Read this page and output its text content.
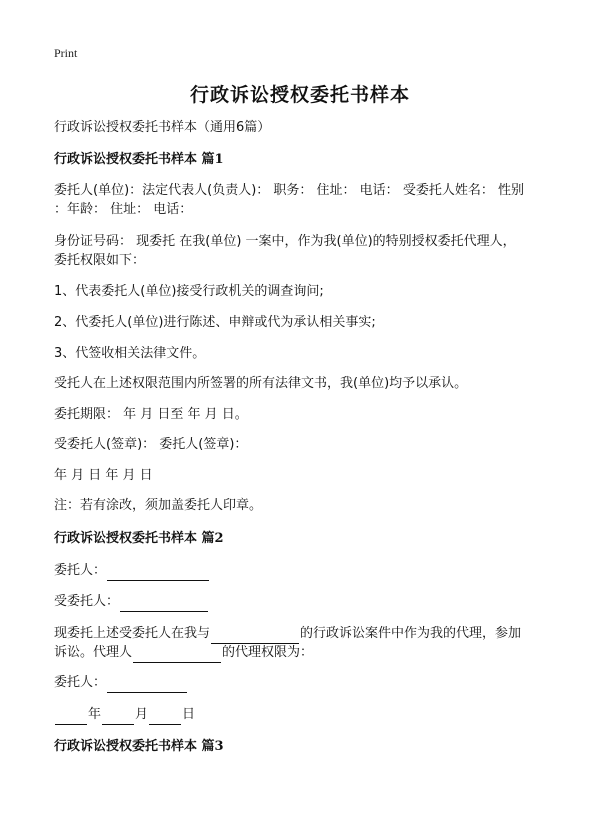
Print
行政诉讼授权委托书样本
行政诉讼授权委托书样本（通用6篇）
行政诉讼授权委托书样本 篇1
委托人(单位)：法定代表人(负责人)： 职务： 住址： 电话： 受委托人姓名： 性别
：年龄： 住址： 电话：
身份证号码： 现委托 在我(单位) 一案中，作为我(单位)的特别授权委托代理人，
委托权限如下：
1、代表委托人(单位)接受行政机关的调查询问;
2、代委托人(单位)进行陈述、申辩或代为承认相关事实;
3、代签收相关法律文件。
受托人在上述权限范围内所签署的所有法律文书，我(单位)均予以承认。
委托期限： 年 月 日至 年 月 日。
受委托人(签章)： 委托人(签章)：
年 月 日 年 月 日
注：若有涂改，须加盖委托人印章。
行政诉讼授权委托书样本 篇2
委托人：
受委托人：
现委托上述受委托人在我与	的行政诉讼案件中作为我的代理，参加
诉讼。代理人	的代理权限为：
委托人：
年	月	日
行政诉讼授权委托书样本 篇3
